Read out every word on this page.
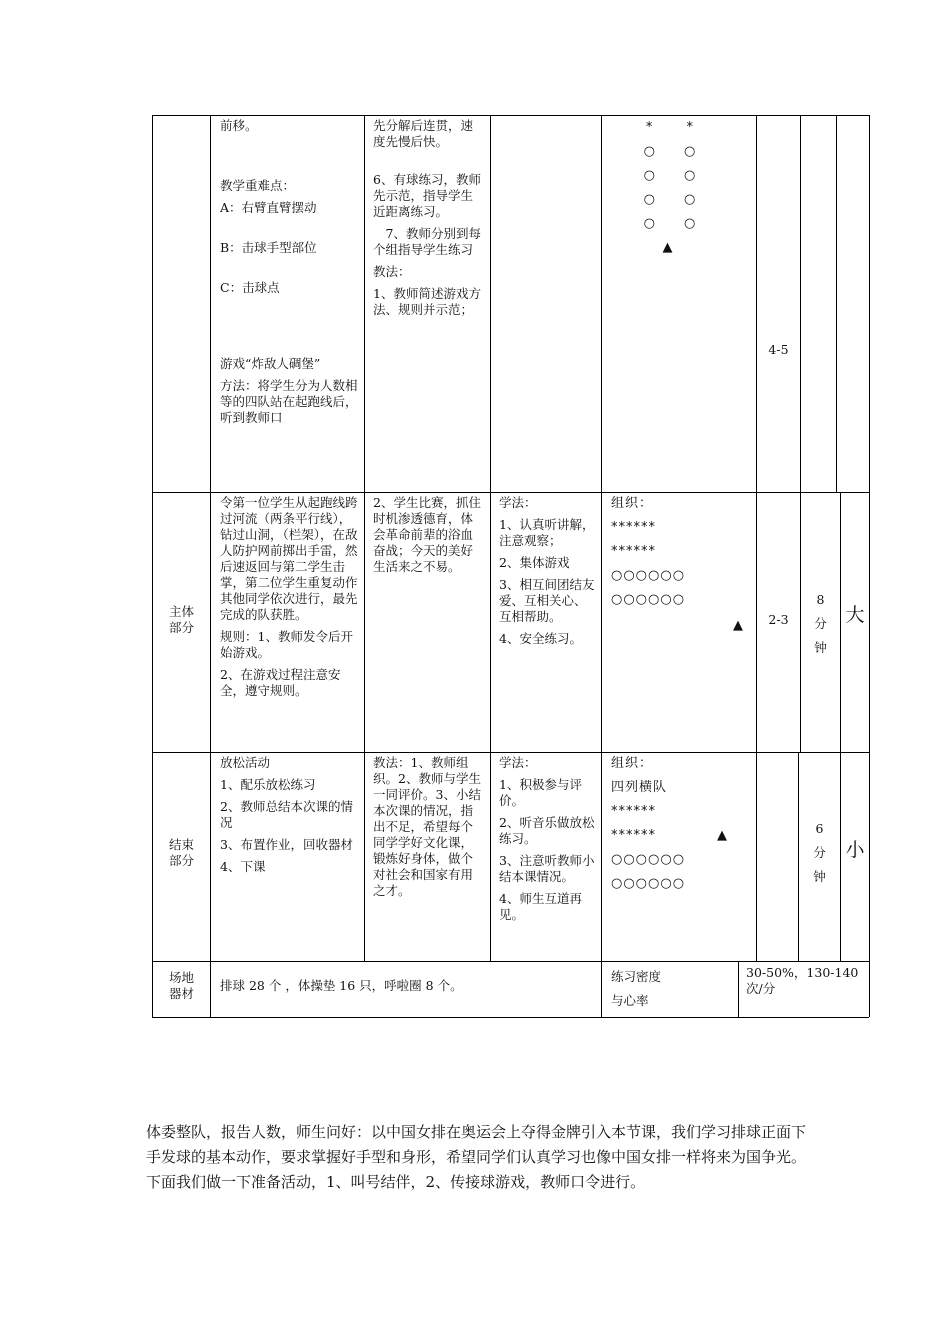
前移。

教学重难点：

A：右臂直臂摆动

B：击球手型部位

C：击球点

游戏“炸敌人碉堡”

方法：将学生分为人数相等的四队站在起跑线后，听到教师口

先分解后连贯，速度先慢后快。

6、有球练习，教师先示范，指导学生近距离练习。

　7、教师分别到每个组指导学生练习

教法：

1、教师简述游戏方法、规则并示范；

*　　 *
○　　○
○　　○
○　　○
○　　○
▲
4-5
主体
部分

令第一位学生从起跑线跨过河流（两条平行线），钻过山洞，（栏架），在敌人防护网前掷出手雷，然后速返回与第二学生击掌，第二位学生重复动作其他同学依次进行，最先完成的队获胜。

规则：1、教师发令后开始游戏。

2、在游戏过程注意安全，遵守规则。

2、学生比赛，抓住时机渗透德育，体会革命前辈的浴血奋战；今天的美好生活来之不易。

学法：

1、认真听讲解，注意观察；

2、集体游戏

3、相互间团结友爱、互相关心、互相帮助。

4、安全练习。

组织：
******
******
○○○○○○
○○○○○○
▲	2-3
8
分
钟
大
结束
部分

放松活动

1、配乐放松练习

2、教师总结本次课的情况

3、布置作业，回收器材

4、下课

教法：1、教师组织。2、教师与学生一同评价。3、小结本次课的情况，指出不足，希望每个同学学好文化课，锻炼好身体，做个对社会和国家有用之才。

学法：

1、积极参与评价。

2、听音乐做放松练习。

3、注意听教师小结本课情况。

4、师生互道再见。

组织：
四列横队
******
******
○○○○○○
○○○○○○
▲	6
分
钟
小
场地
器材
排球 28 个 ，体操垫 16 只，呼啦圈 8 个。
练习密度
与心率
30-50%，130-140次/分
体委整队，报告人数，师生问好：以中国女排在奥运会上夺得金牌引入本节课，我们学习排球正面下手发球的基本动作，要求掌握好手型和身形，希望同学们认真学习也像中国女排一样将来为国争光。下面我们做一下准备活动，1、叫号结伴，2、传接球游戏，教师口令进行。
